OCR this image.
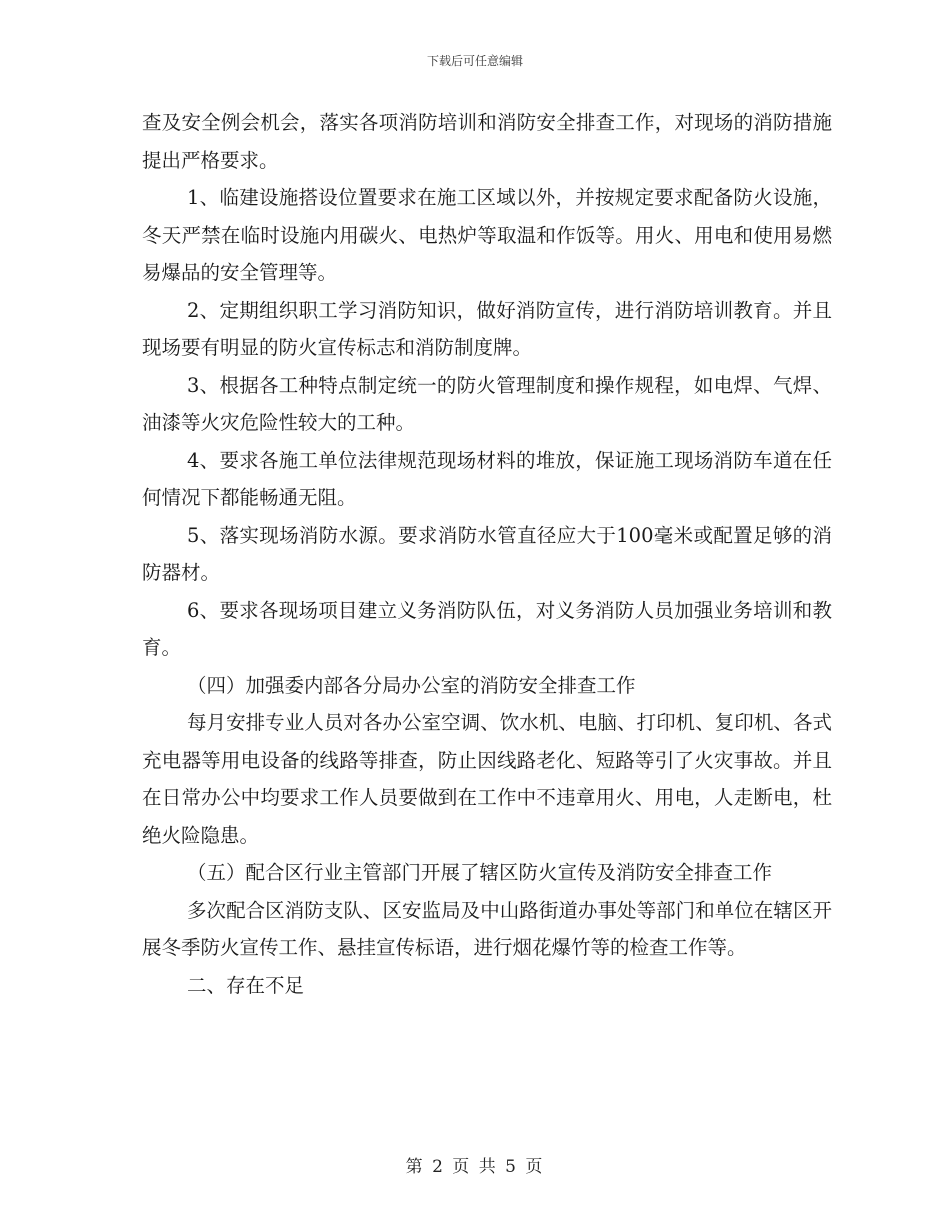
下载后可任意编辑

查及安全例会机会，落实各项消防培训和消防安全排查工作，对现场的消防措施提出严格要求。

1、临建设施搭设位置要求在施工区域以外，并按规定要求配备防火设施，冬天严禁在临时设施内用碳火、电热炉等取温和作饭等。用火、用电和使用易燃易爆品的安全管理等。

2、定期组织职工学习消防知识，做好消防宣传，进行消防培训教育。并且现场要有明显的防火宣传标志和消防制度牌。

3、根据各工种特点制定统一的防火管理制度和操作规程，如电焊、气焊、油漆等火灾危险性较大的工种。

4、要求各施工单位法律规范现场材料的堆放，保证施工现场消防车道在任何情况下都能畅通无阻。

5、落实现场消防水源。要求消防水管直径应大于100毫米或配置足够的消防器材。

6、要求各现场项目建立义务消防队伍，对义务消防人员加强业务培训和教育。

（四）加强委内部各分局办公室的消防安全排查工作

每月安排专业人员对各办公室空调、饮水机、电脑、打印机、复印机、各式充电器等用电设备的线路等排查，防止因线路老化、短路等引了火灾事故。并且在日常办公中均要求工作人员要做到在工作中不违章用火、用电，人走断电，杜绝火险隐患。

（五）配合区行业主管部门开展了辖区防火宣传及消防安全排查工作

多次配合区消防支队、区安监局及中山路街道办事处等部门和单位在辖区开展冬季防火宣传工作、悬挂宣传标语，进行烟花爆竹等的检查工作等。

二、存在不足

第 2 页 共 5 页
